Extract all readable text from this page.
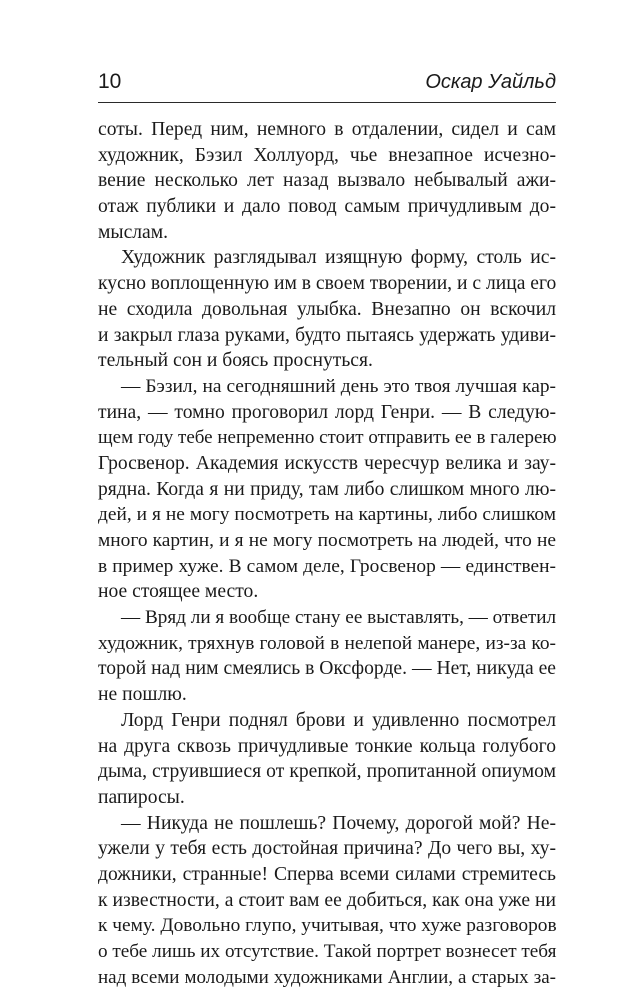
10	Оскар Уайльд
соты. Перед ним, немного в отдалении, сидел и сам
художник, Бэзил Холлуорд, чье внезапное исчезно-
вение несколько лет назад вызвало небывалый ажи-
отаж публики и дало повод самым причудливым до-
мыслам.
Художник разглядывал изящную форму, столь ис-
кусно воплощенную им в своем творении, и с лица его
не сходила довольная улыбка. Внезапно он вскочил
и закрыл глаза руками, будто пытаясь удержать удиви-
тельный сон и боясь проснуться.
— Бэзил, на сегодняшний день это твоя лучшая кар-
тина, — томно проговорил лорд Генри. — В следую-
щем году тебе непременно стоит отправить ее в галерею
Гросвенор. Академия искусств чересчур велика и зау-
рядна. Когда я ни приду, там либо слишком много лю-
дей, и я не могу посмотреть на картины, либо слишком
много картин, и я не могу посмотреть на людей, что не
в пример хуже. В самом деле, Гросвенор — единствен-
ное стоящее место.
— Вряд ли я вообще стану ее выставлять, — ответил
художник, тряхнув головой в нелепой манере, из-за ко-
торой над ним смеялись в Оксфорде. — Нет, никуда ее
не пошлю.
Лорд Генри поднял брови и удивленно посмотрел
на друга сквозь причудливые тонкие кольца голубого
дыма, струившиеся от крепкой, пропитанной опиумом
папиросы.
— Никуда не пошлешь? Почему, дорогой мой? Не-
ужели у тебя есть достойная причина? До чего вы, ху-
дожники, странные! Сперва всеми силами стремитесь
к известности, а стоит вам ее добиться, как она уже ни
к чему. Довольно глупо, учитывая, что хуже разговоров
о тебе лишь их отсутствие. Такой портрет вознесет тебя
над всеми молодыми художниками Англии, а старых за-
